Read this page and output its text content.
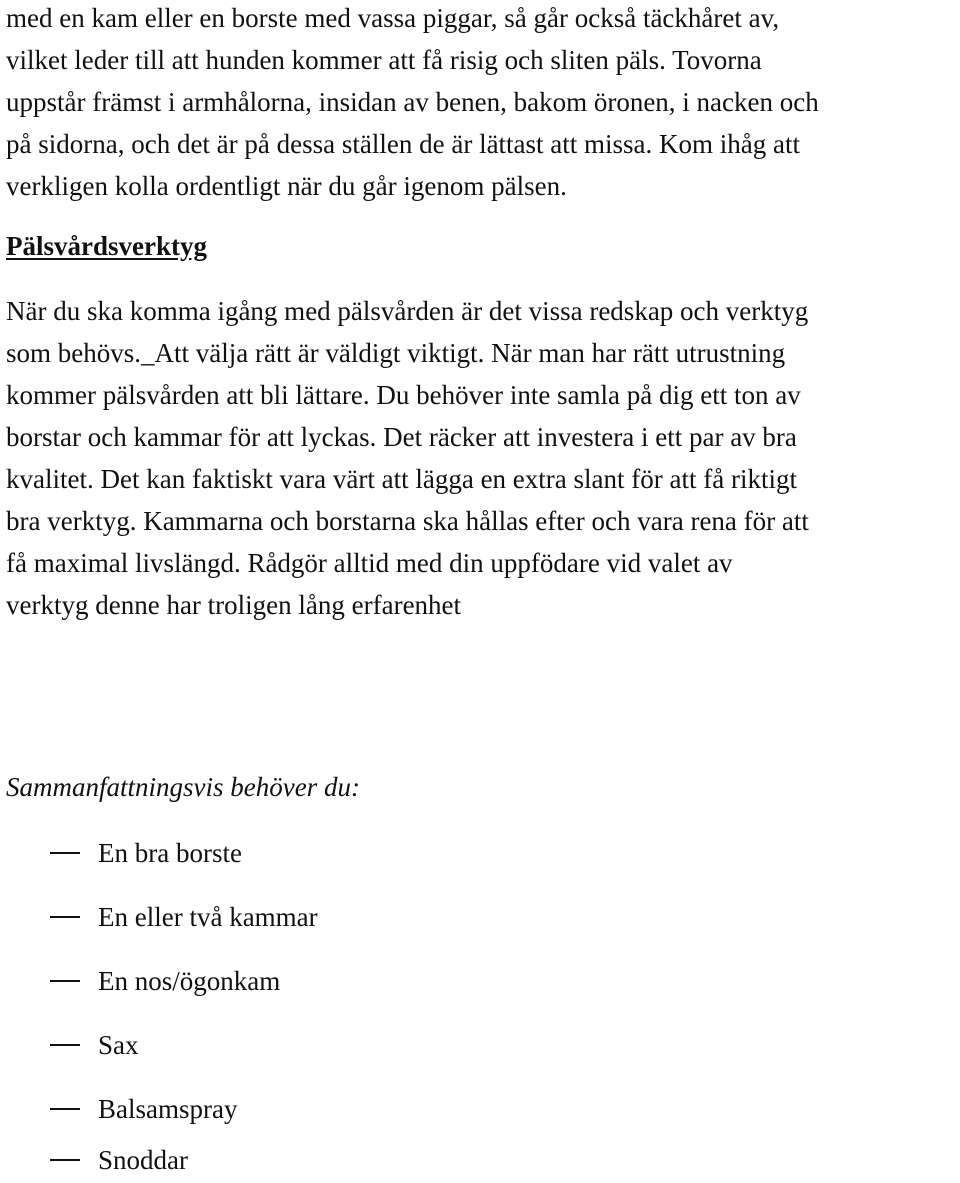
med en kam eller en borste med vassa piggar, så går också täckhåret av,

vilket leder till att hunden kommer att få risig och sliten päls. Tovorna

uppstår främst i armhålorna, insidan av benen, bakom öronen, i nacken och

på sidorna, och det är på dessa ställen de är lättast att missa. Kom ihåg att

verkligen kolla ordentligt när du går igenom pälsen.

Pälsvårdsverktyg

När du ska komma igång med pälsvården är det vissa redskap och verktyg

som behövs._Att välja rätt är väldigt viktigt. När man har rätt utrustning

kommer pälsvården att bli lättare. Du behöver inte samla på dig ett ton av

borstar och kammar för att lyckas. Det räcker att investera i ett par av bra

kvalitet. Det kan faktiskt vara värt att lägga en extra slant för att få riktigt

bra verktyg. Kammarna och borstarna ska hållas efter och vara rena för att

få maximal livslängd. Rådgör alltid med din uppfödare vid valet av

verktyg denne har troligen lång erfarenhet

Sammanfattningsvis behöver du:

En bra borste
En eller två kammar
En nos/ögonkam
Sax
Balsamspray
Snoddar
